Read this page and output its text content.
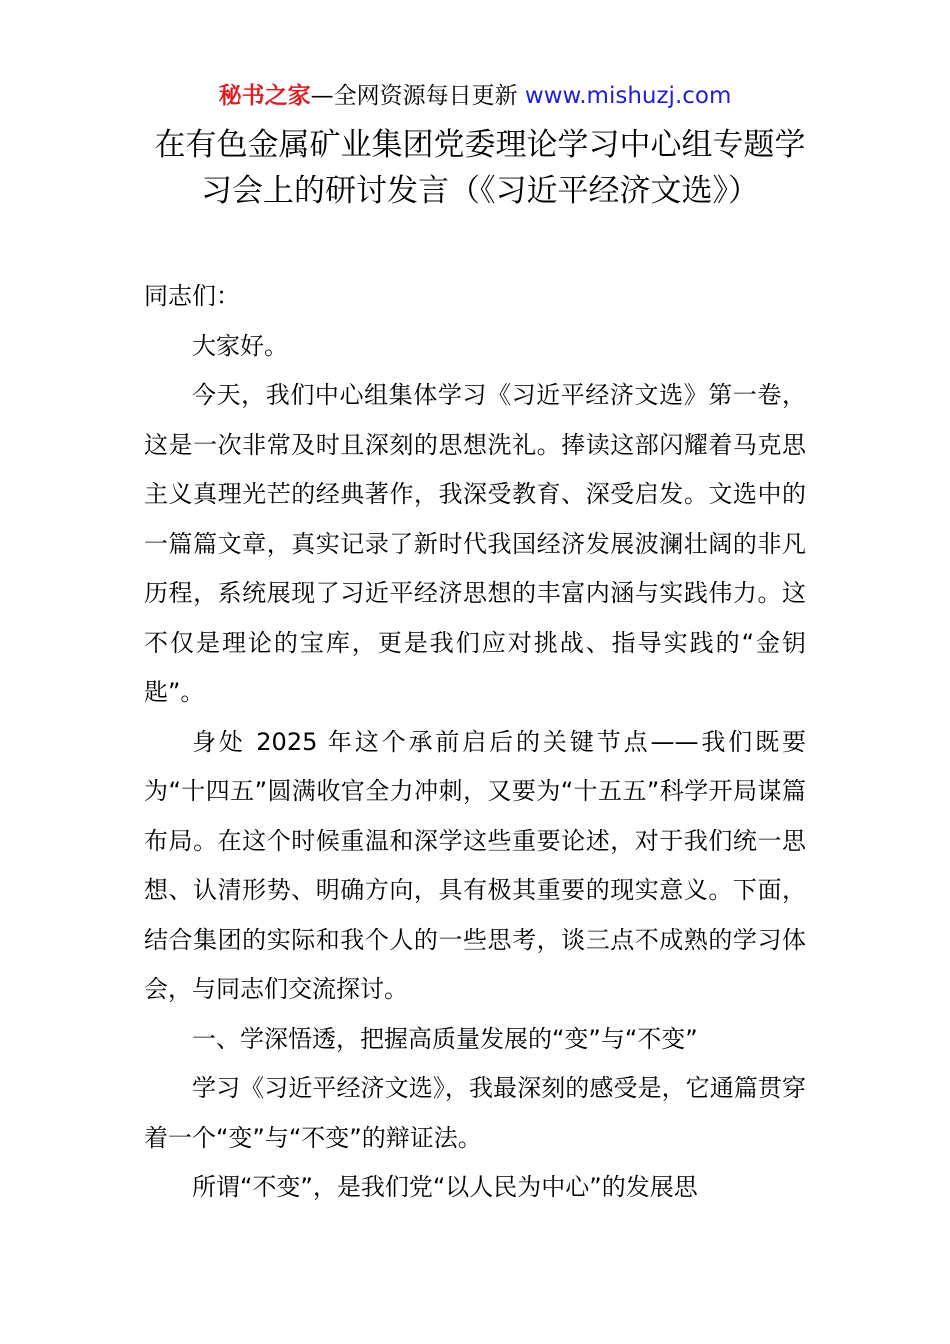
秘书之家—全网资源每日更新 www.mishuzj.com
在有色金属矿业集团党委理论学习中心组专题学习会上的研讨发言（《习近平经济文选》）

同志们：

大家好。

今天，我们中心组集体学习《习近平经济文选》第一卷，这是一次非常及时且深刻的思想洗礼。捧读这部闪耀着马克思主义真理光芒的经典著作，我深受教育、深受启发。文选中的一篇篇文章，真实记录了新时代我国经济发展波澜壮阔的非凡历程，系统展现了习近平经济思想的丰富内涵与实践伟力。这不仅是理论的宝库，更是我们应对挑战、指导实践的“金钥匙”。

身处 2025 年这个承前启后的关键节点——我们既要为“十四五”圆满收官全力冲刺，又要为“十五五”科学开局谋篇布局。在这个时候重温和深学这些重要论述，对于我们统一思想、认清形势、明确方向，具有极其重要的现实意义。下面，结合集团的实际和我个人的一些思考，谈三点不成熟的学习体会，与同志们交流探讨。

一、学深悟透，把握高质量发展的“变”与“不变”

学习《习近平经济文选》，我最深刻的感受是，它通篇贯穿着一个“变”与“不变”的辩证法。

所谓“不变”，是我们党“以人民为中心”的发展思
